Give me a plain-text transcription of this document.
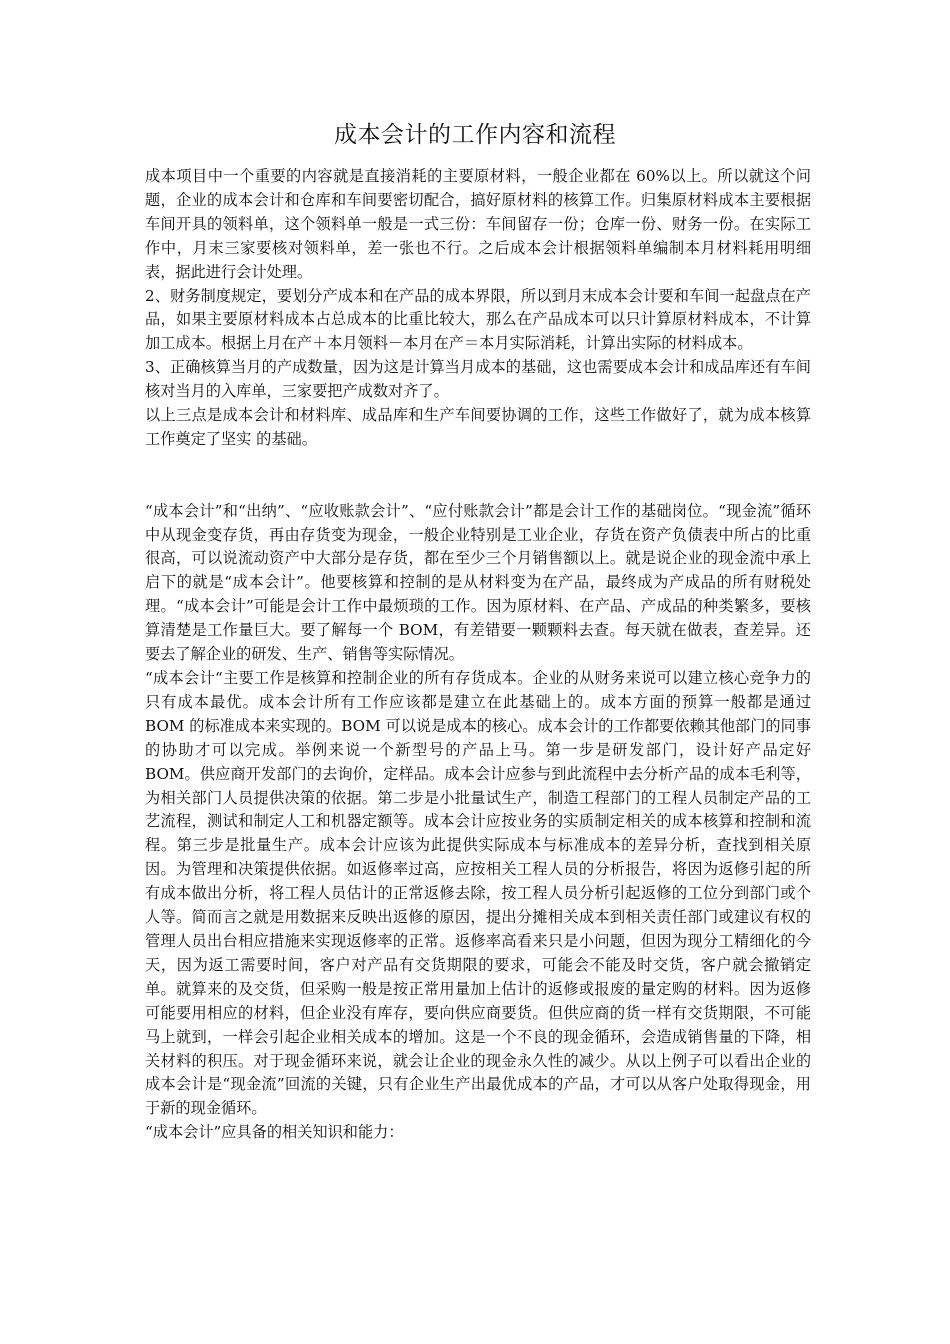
成本会计的工作内容和流程

成本项目中一个重要的内容就是直接消耗的主要原材料，一般企业都在 60%以上。所以就这个问题，企业的成本会计和仓库和车间要密切配合，搞好原材料的核算工作。归集原材料成本主要根据车间开具的领料单，这个领料单一般是一式三份：车间留存一份；仓库一份、财务一份。在实际工作中，月末三家要核对领料单，差一张也不行。之后成本会计根据领料单编制本月材料耗用明细表，据此进行会计处理。

2、财务制度规定，要划分产成本和在产品的成本界限，所以到月末成本会计要和车间一起盘点在产品，如果主要原材料成本占总成本的比重比较大，那么在产品成本可以只计算原材料成本，不计算加工成本。根据上月在产＋本月领料－本月在产＝本月实际消耗，计算出实际的材料成本。

3、正确核算当月的产成数量，因为这是计算当月成本的基础，这也需要成本会计和成品库还有车间核对当月的入库单，三家要把产成数对齐了。

以上三点是成本会计和材料库、成品库和生产车间要协调的工作，这些工作做好了，就为成本核算工作奠定了坚实 的基础。

“成本会计”和“出纳”、“应收账款会计”、“应付账款会计”都是会计工作的基础岗位。“现金流”循环中从现金变存货，再由存货变为现金，一般企业特别是工业企业，存货在资产负债表中所占的比重很高，可以说流动资产中大部分是存货，都在至少三个月销售额以上。就是说企业的现金流中承上启下的就是“成本会计”。他要核算和控制的是从材料变为在产品，最终成为产成品的所有财税处理。“成本会计”可能是会计工作中最烦琐的工作。因为原材料、在产品、产成品的种类繁多，要核算清楚是工作量巨大。要了解每一个 BOM，有差错要一颗颗料去查。每天就在做表，查差异。还要去了解企业的研发、生产、销售等实际情况。

“成本会计“主要工作是核算和控制企业的所有存货成本。企业的从财务来说可以建立核心竞争力的只有成本最优。成本会计所有工作应该都是建立在此基础上的。成本方面的预算一般都是通过 BOM 的标准成本来实现的。BOM 可以说是成本的核心。成本会计的工作都要依赖其他部门的同事的协助才可以完成。举例来说一个新型号的产品上马。第一步是研发部门，设计好产品定好 BOM。供应商开发部门的去询价，定样品。成本会计应参与到此流程中去分析产品的成本毛利等，为相关部门人员提供决策的依据。第二步是小批量试生产，制造工程部门的工程人员制定产品的工艺流程，测试和制定人工和机器定额等。成本会计应按业务的实质制定相关的成本核算和控制和流程。第三步是批量生产。成本会计应该为此提供实际成本与标准成本的差异分析，查找到相关原因。为管理和决策提供依据。如返修率过高，应按相关工程人员的分析报告，将因为返修引起的所有成本做出分析，将工程人员估计的正常返修去除，按工程人员分析引起返修的工位分到部门或个人等。简而言之就是用数据来反映出返修的原因，提出分摊相关成本到相关责任部门或建议有权的管理人员出台相应措施来实现返修率的正常。返修率高看来只是小问题，但因为现分工精细化的今天，因为返工需要时间，客户对产品有交货期限的要求，可能会不能及时交货，客户就会撤销定单。就算来的及交货，但采购一般是按正常用量加上估计的返修或报废的量定购的材料。因为返修可能要用相应的材料，但企业没有库存，要向供应商要货。但供应商的货一样有交货期限，不可能马上就到，一样会引起企业相关成本的增加。这是一个不良的现金循环，会造成销售量的下降，相关材料的积压。对于现金循环来说，就会让企业的现金永久性的减少。从以上例子可以看出企业的成本会计是“现金流”回流的关键，只有企业生产出最优成本的产品，才可以从客户处取得现金，用于新的现金循环。

“成本会计”应具备的相关知识和能力：
